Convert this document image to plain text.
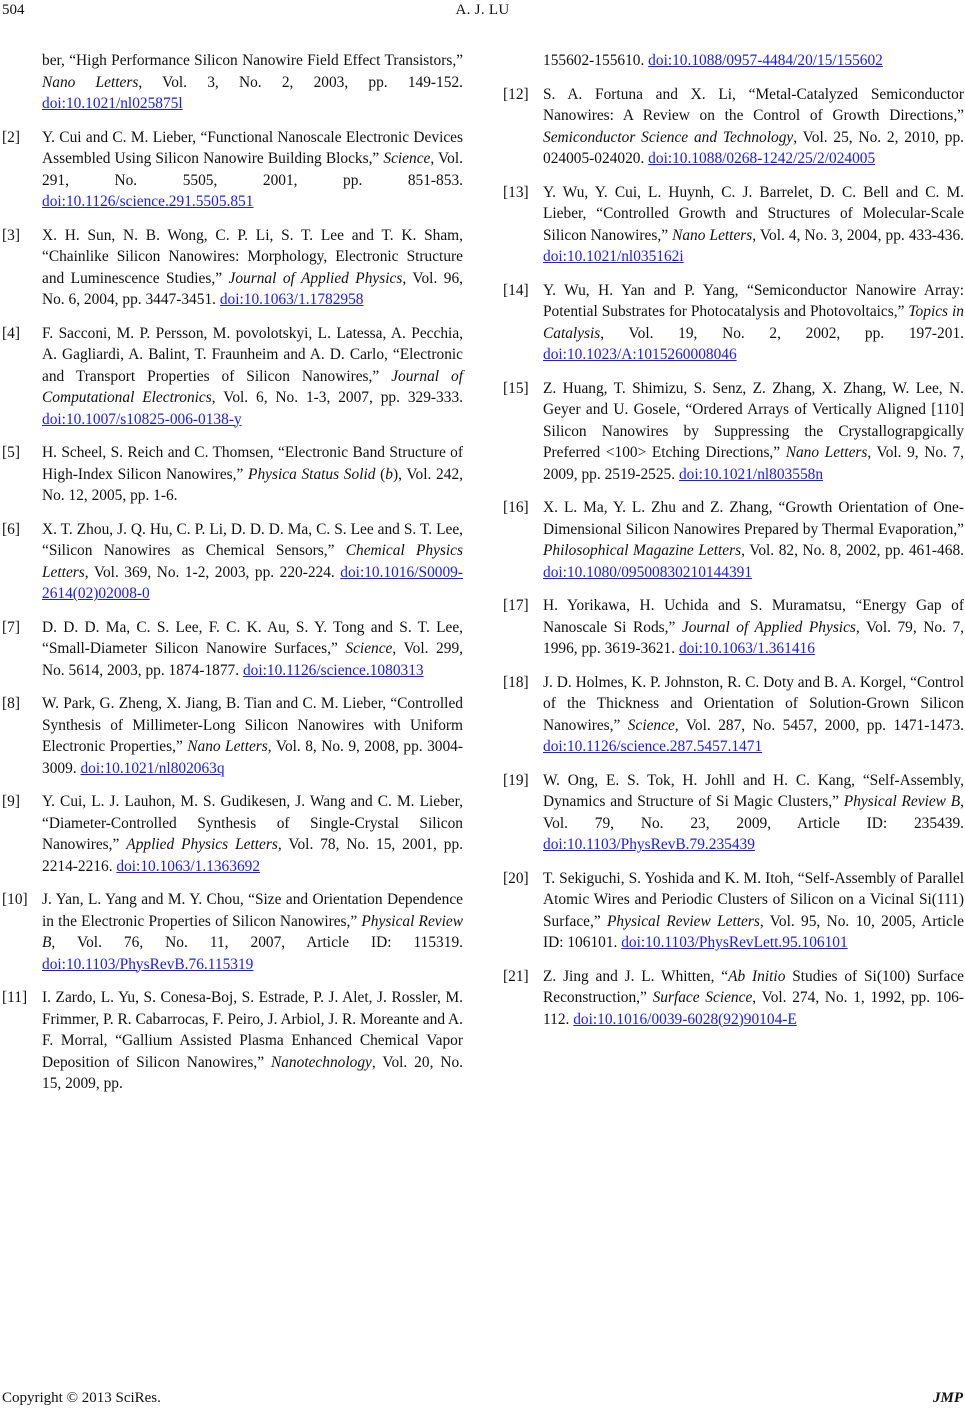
504	A. J. LU
ber, “High Performance Silicon Nanowire Field Effect Transistors,” Nano Letters, Vol. 3, No. 2, 2003, pp. 149-152. doi:10.1021/nl025875l
[2] Y. Cui and C. M. Lieber, “Functional Nanoscale Electronic Devices Assembled Using Silicon Nanowire Building Blocks,” Science, Vol. 291, No. 5505, 2001, pp. 851-853. doi:10.1126/science.291.5505.851
[3] X. H. Sun, N. B. Wong, C. P. Li, S. T. Lee and T. K. Sham, “Chainlike Silicon Nanowires: Morphology, Electronic Structure and Luminescence Studies,” Journal of Applied Physics, Vol. 96, No. 6, 2004, pp. 3447-3451. doi:10.1063/1.1782958
[4] F. Sacconi, M. P. Persson, M. povolotskyi, L. Latessa, A. Pecchia, A. Gagliardi, A. Balint, T. Fraunheim and A. D. Carlo, “Electronic and Transport Properties of Silicon Nanowires,” Journal of Computational Electronics, Vol. 6, No. 1-3, 2007, pp. 329-333. doi:10.1007/s10825-006-0138-y
[5] H. Scheel, S. Reich and C. Thomsen, “Electronic Band Structure of High-Index Silicon Nanowires,” Physica Status Solid (b), Vol. 242, No. 12, 2005, pp. 1-6.
[6] X. T. Zhou, J. Q. Hu, C. P. Li, D. D. D. Ma, C. S. Lee and S. T. Lee, “Silicon Nanowires as Chemical Sensors,” Chemical Physics Letters, Vol. 369, No. 1-2, 2003, pp. 220-224. doi:10.1016/S0009-2614(02)02008-0
[7] D. D. D. Ma, C. S. Lee, F. C. K. Au, S. Y. Tong and S. T. Lee, “Small-Diameter Silicon Nanowire Surfaces,” Science, Vol. 299, No. 5614, 2003, pp. 1874-1877. doi:10.1126/science.1080313
[8] W. Park, G. Zheng, X. Jiang, B. Tian and C. M. Lieber, “Controlled Synthesis of Millimeter-Long Silicon Nanowires with Uniform Electronic Properties,” Nano Letters, Vol. 8, No. 9, 2008, pp. 3004-3009. doi:10.1021/nl802063q
[9] Y. Cui, L. J. Lauhon, M. S. Gudikesen, J. Wang and C. M. Lieber, “Diameter-Controlled Synthesis of Single-Crystal Silicon Nanowires,” Applied Physics Letters, Vol. 78, No. 15, 2001, pp. 2214-2216. doi:10.1063/1.1363692
[10] J. Yan, L. Yang and M. Y. Chou, “Size and Orientation Dependence in the Electronic Properties of Silicon Nanowires,” Physical Review B, Vol. 76, No. 11, 2007, Article ID: 115319. doi:10.1103/PhysRevB.76.115319
[11] I. Zardo, L. Yu, S. Conesa-Boj, S. Estrade, P. J. Alet, J. Rossler, M. Frimmer, P. R. Cabarrocas, F. Peiro, J. Arbiol, J. R. Moreante and A. F. Morral, “Gallium Assisted Plasma Enhanced Chemical Vapor Deposition of Silicon Nanowires,” Nanotechnology, Vol. 20, No. 15, 2009, pp.
155602-155610. doi:10.1088/0957-4484/20/15/155602
[12] S. A. Fortuna and X. Li, “Metal-Catalyzed Semiconductor Nanowires: A Review on the Control of Growth Directions,” Semiconductor Science and Technology, Vol. 25, No. 2, 2010, pp. 024005-024020. doi:10.1088/0268-1242/25/2/024005
[13] Y. Wu, Y. Cui, L. Huynh, C. J. Barrelet, D. C. Bell and C. M. Lieber, “Controlled Growth and Structures of Molecular-Scale Silicon Nanowires,” Nano Letters, Vol. 4, No. 3, 2004, pp. 433-436. doi:10.1021/nl035162i
[14] Y. Wu, H. Yan and P. Yang, “Semiconductor Nanowire Array: Potential Substrates for Photocatalysis and Photovoltaics,” Topics in Catalysis, Vol. 19, No. 2, 2002, pp. 197-201. doi:10.1023/A:1015260008046
[15] Z. Huang, T. Shimizu, S. Senz, Z. Zhang, X. Zhang, W. Lee, N. Geyer and U. Gosele, “Ordered Arrays of Vertically Aligned [110] Silicon Nanowires by Suppressing the Crystallograpgically Preferred <100> Etching Directions,” Nano Letters, Vol. 9, No. 7, 2009, pp. 2519-2525. doi:10.1021/nl803558n
[16] X. L. Ma, Y. L. Zhu and Z. Zhang, “Growth Orientation of One-Dimensional Silicon Nanowires Prepared by Thermal Evaporation,” Philosophical Magazine Letters, Vol. 82, No. 8, 2002, pp. 461-468. doi:10.1080/09500830210144391
[17] H. Yorikawa, H. Uchida and S. Muramatsu, “Energy Gap of Nanoscale Si Rods,” Journal of Applied Physics, Vol. 79, No. 7, 1996, pp. 3619-3621. doi:10.1063/1.361416
[18] J. D. Holmes, K. P. Johnston, R. C. Doty and B. A. Korgel, “Control of the Thickness and Orientation of Solution-Grown Silicon Nanowires,” Science, Vol. 287, No. 5457, 2000, pp. 1471-1473. doi:10.1126/science.287.5457.1471
[19] W. Ong, E. S. Tok, H. Johll and H. C. Kang, “Self-Assembly, Dynamics and Structure of Si Magic Clusters,” Physical Review B, Vol. 79, No. 23, 2009, Article ID: 235439. doi:10.1103/PhysRevB.79.235439
[20] T. Sekiguchi, S. Yoshida and K. M. Itoh, “Self-Assembly of Parallel Atomic Wires and Periodic Clusters of Silicon on a Vicinal Si(111) Surface,” Physical Review Letters, Vol. 95, No. 10, 2005, Article ID: 106101. doi:10.1103/PhysRevLett.95.106101
[21] Z. Jing and J. L. Whitten, “Ab Initio Studies of Si(100) Surface Reconstruction,” Surface Science, Vol. 274, No. 1, 1992, pp. 106-112. doi:10.1016/0039-6028(92)90104-E
Copyright © 2013 SciRes.	JMP
